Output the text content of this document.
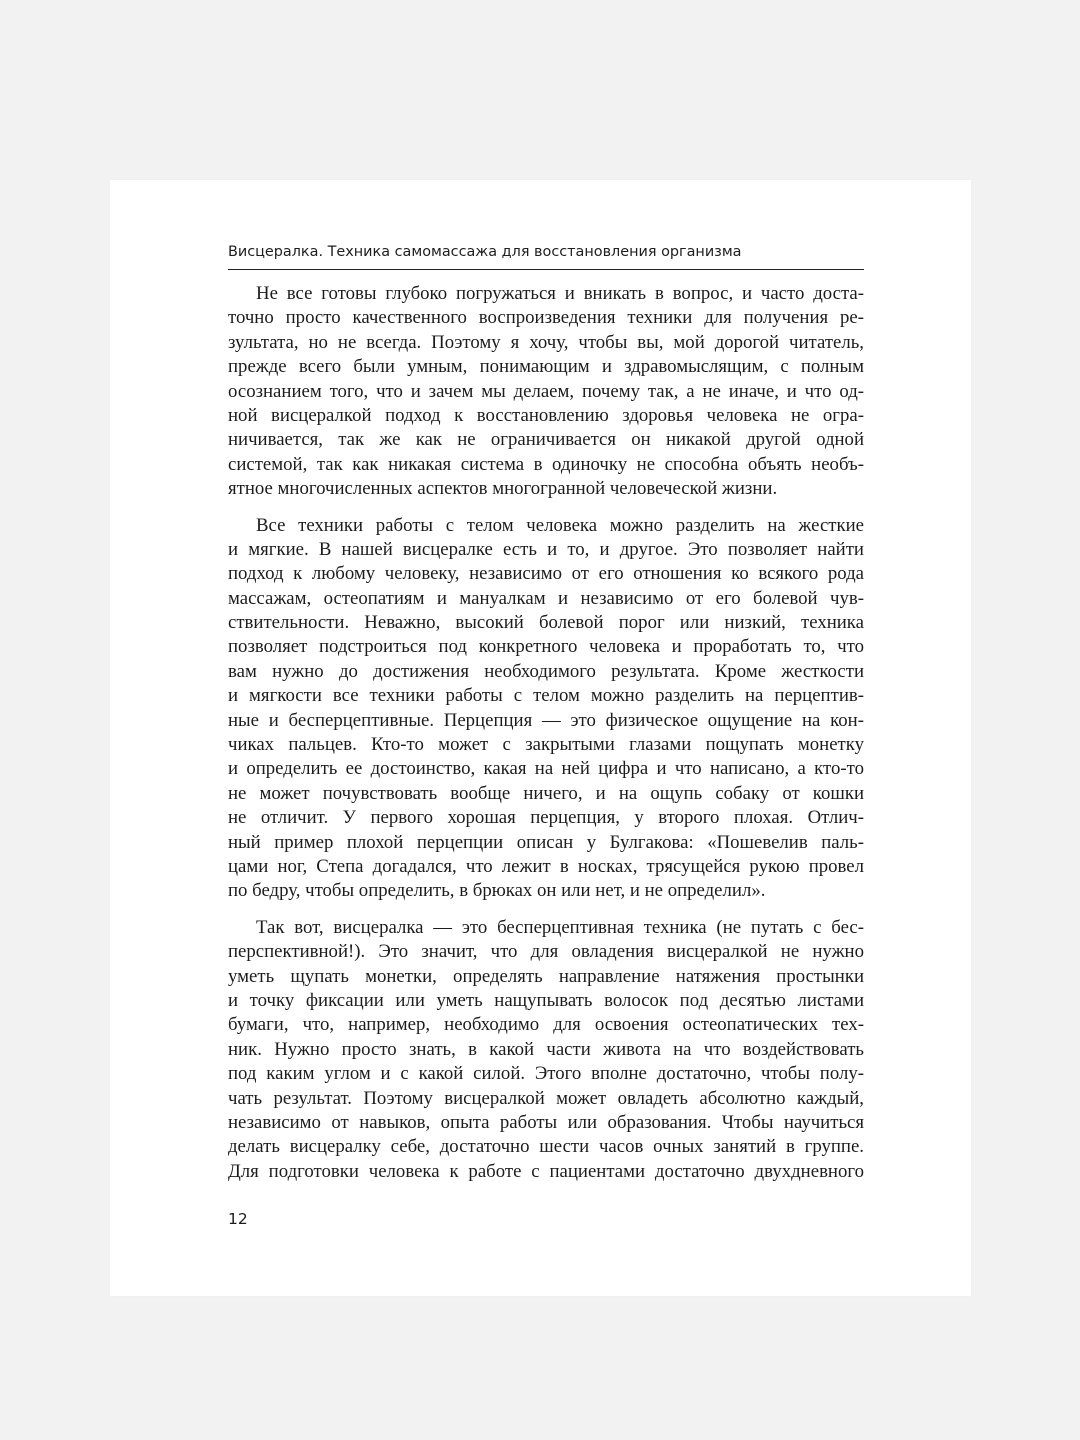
Висцералка. Техника самомассажа для восстановления организма

Не все готовы глубоко погружаться и вникать в вопрос, и часто доста-
точно просто качественного воспроизведения техники для получения ре-
зультата, но не всегда. Поэтому я хочу, чтобы вы, мой дорогой читатель,
прежде всего были умным, понимающим и здравомыслящим, с полным
осознанием того, что и зачем мы делаем, почему так, а не иначе, и что од-
ной висцералкой подход к восстановлению здоровья человека не огра-
ничивается, так же как не ограничивается он никакой другой одной
системой, так как никакая система в одиночку не способна объять необъ-
ятное многочисленных аспектов многогранной человеческой жизни.

Все техники работы с телом человека можно разделить на жесткие
и мягкие. В нашей висцералке есть и то, и другое. Это позволяет найти
подход к любому человеку, независимо от его отношения ко всякого рода
массажам, остеопатиям и мануалкам и независимо от его болевой чув-
ствительности. Неважно, высокий болевой порог или низкий, техника
позволяет подстроиться под конкретного человека и проработать то, что
вам нужно до достижения необходимого результата. Кроме жесткости
и мягкости все техники работы с телом можно разделить на перцептив-
ные и бесперцептивные. Перцепция — это физическое ощущение на кон-
чиках пальцев. Кто-то может с закрытыми глазами пощупать монетку
и определить ее достоинство, какая на ней цифра и что написано, а кто-то
не может почувствовать вообще ничего, и на ощупь собаку от кошки
не отличит. У первого хорошая перцепция, у второго плохая. Отлич-
ный пример плохой перцепции описан у Булгакова: «Пошевелив паль-
цами ног, Степа догадался, что лежит в носках, трясущейся рукою провел
по бедру, чтобы определить, в брюках он или нет, и не определил».

Так вот, висцералка — это бесперцептивная техника (не путать с бес-
перспективной!). Это значит, что для овладения висцералкой не нужно
уметь щупать монетки, определять направление натяжения простынки
и точку фиксации или уметь нащупывать волосок под десятью листами
бумаги, что, например, необходимо для освоения остеопатических тех-
ник. Нужно просто знать, в какой части живота на что воздействовать
под каким углом и с какой силой. Этого вполне достаточно, чтобы полу-
чать результат. Поэтому висцералкой может овладеть абсолютно каждый,
независимо от навыков, опыта работы или образования. Чтобы научиться
делать висцералку себе, достаточно шести часов очных занятий в группе.
Для подготовки человека к работе с пациентами достаточно двухдневного

12
